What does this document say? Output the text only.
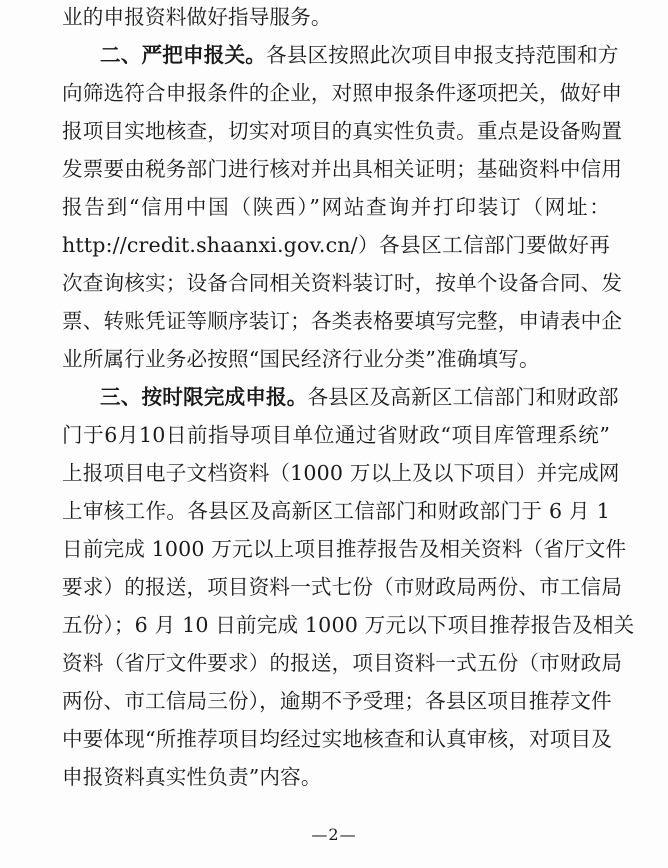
业的申报资料做好指导服务。
二、严把申报关。各县区按照此次项目申报支持范围和方
向筛选符合申报条件的企业，对照申报条件逐项把关，做好申
报项目实地核查，切实对项目的真实性负责。重点是设备购置
发票要由税务部门进行核对并出具相关证明；基础资料中信用
报告到“信用中国（陕西）”网站查询并打印装订（网址：
http://credit.shaanxi.gov.cn/）各县区工信部门要做好再
次查询核实；设备合同相关资料装订时，按单个设备合同、发
票、转账凭证等顺序装订；各类表格要填写完整，申请表中企
业所属行业务必按照“国民经济行业分类”准确填写。
三、按时限完成申报。各县区及高新区工信部门和财政部
门于6月10日前指导项目单位通过省财政“项目库管理系统”
上报项目电子文档资料（1000 万以上及以下项目）并完成网
上审核工作。各县区及高新区工信部门和财政部门于 6 月 1
日前完成 1000 万元以上项目推荐报告及相关资料（省厅文件
要求）的报送，项目资料一式七份（市财政局两份、市工信局
五份）；6 月 10 日前完成 1000 万元以下项目推荐报告及相关
资料（省厅文件要求）的报送，项目资料一式五份（市财政局
两份、市工信局三份），逾期不予受理；各县区项目推荐文件
中要体现“所推荐项目均经过实地核查和认真审核，对项目及
申报资料真实性负责”内容。
—2—
